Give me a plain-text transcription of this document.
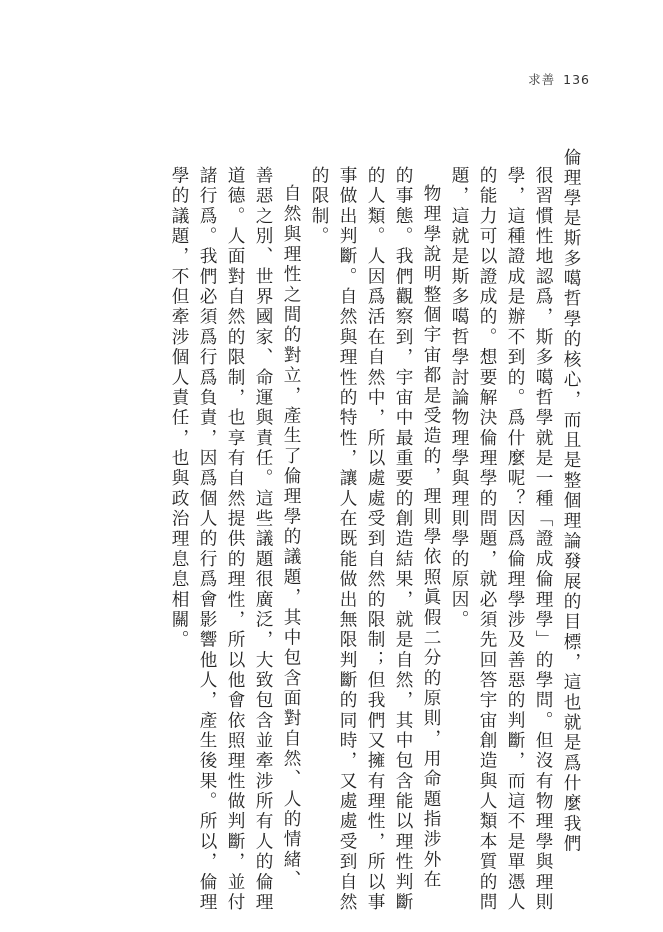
求善 136
倫理學是斯多噶哲學的核心，而且是整個理論發展的目標，這也就是爲什麼我們
很習慣性地認爲，斯多噶哲學就是一種「證成倫理學」的學問。但沒有物理學與理則
學，這種證成是辦不到的。爲什麼呢？因爲倫理學涉及善惡的判斷，而這不是單憑人
的能力可以證成的。想要解決倫理學的問題，就必須先回答宇宙創造與人類本質的問
題，這就是斯多噶哲學討論物理學與理則學的原因。
物理學說明整個宇宙都是受造的，理則學依照眞假二分的原則，用命題指涉外在
的事態。我們觀察到，宇宙中最重要的創造結果，就是自然，其中包含能以理性判斷
的人類。人因爲活在自然中，所以處處受到自然的限制；但我們又擁有理性，所以事
事做出判斷。自然與理性的特性，讓人在既能做出無限判斷的同時，又處處受到自然
的限制。
自然與理性之間的對立，產生了倫理學的議題，其中包含面對自然、人的情緒、
善惡之別、世界國家、命運與責任。這些議題很廣泛，大致包含並牽涉所有人的倫理
道德。人面對自然的限制，也享有自然提供的理性，所以他會依照理性做判斷，並付
諸行爲。我們必須爲行爲負責，因爲個人的行爲會影響他人，產生後果。所以，倫理
學的議題，不但牽涉個人責任，也與政治理息息相關。
